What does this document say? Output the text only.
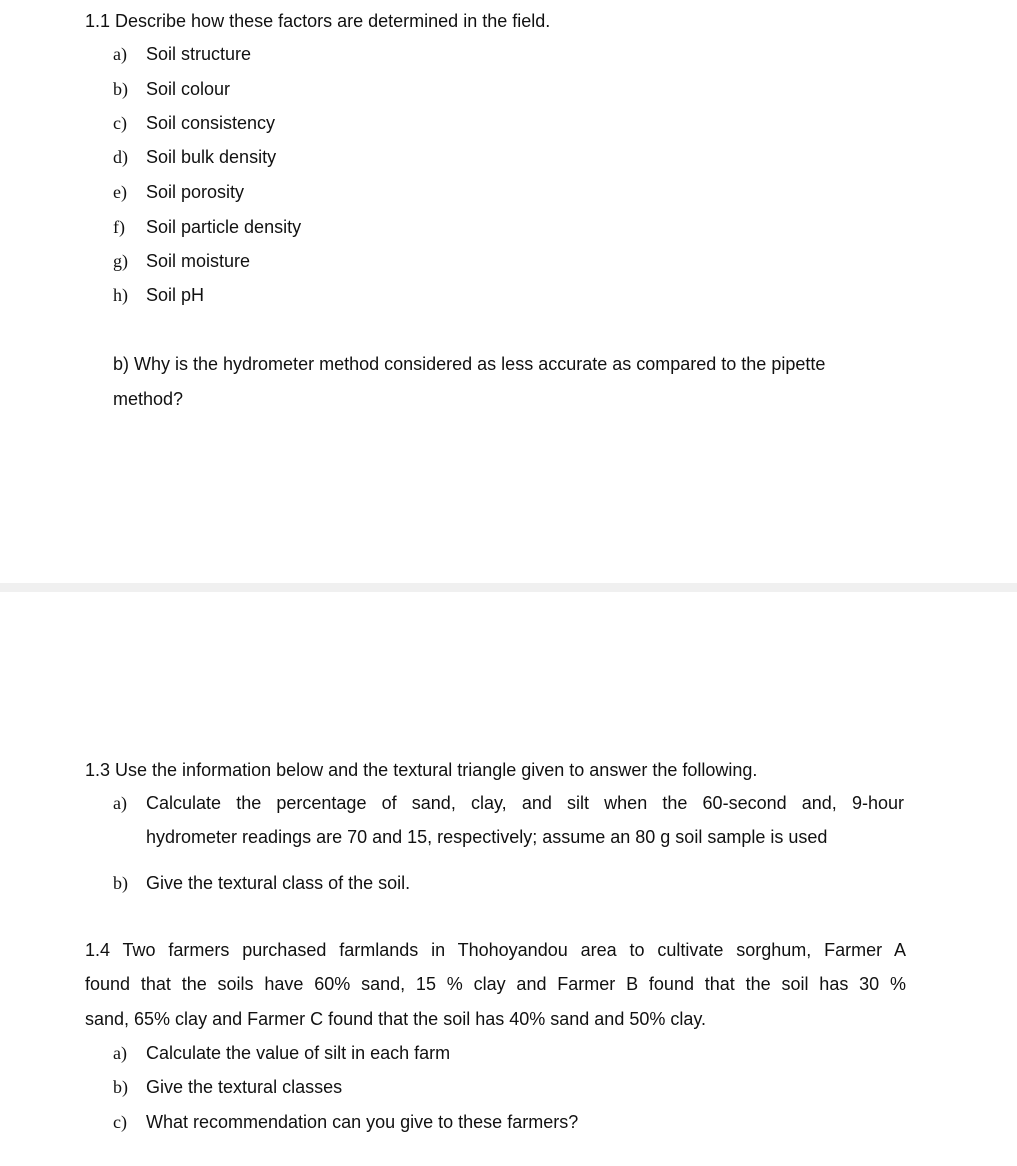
1.1 Describe how these factors are determined in the field.
a) Soil structure
b) Soil colour
c) Soil consistency
d) Soil bulk density
e) Soil porosity
f) Soil particle density
g) Soil moisture
h) Soil pH
b) Why is the hydrometer method considered as less accurate as compared to the pipette
method?
1.3 Use the information below and the textural triangle given to answer the following.
a) Calculate the percentage of sand, clay, and silt when the 60-second and, 9-hour
hydrometer readings are 70 and 15, respectively; assume an 80 g soil sample is used
b) Give the textural class of the soil.
1.4 Two farmers purchased farmlands in Thohoyandou area to cultivate sorghum, Farmer A
found that the soils have 60% sand, 15 % clay and Farmer B found that the soil has 30 %
sand, 65% clay and Farmer C found that the soil has 40% sand and 50% clay.
a) Calculate the value of silt in each farm
b) Give the textural classes
c) What recommendation can you give to these farmers?
